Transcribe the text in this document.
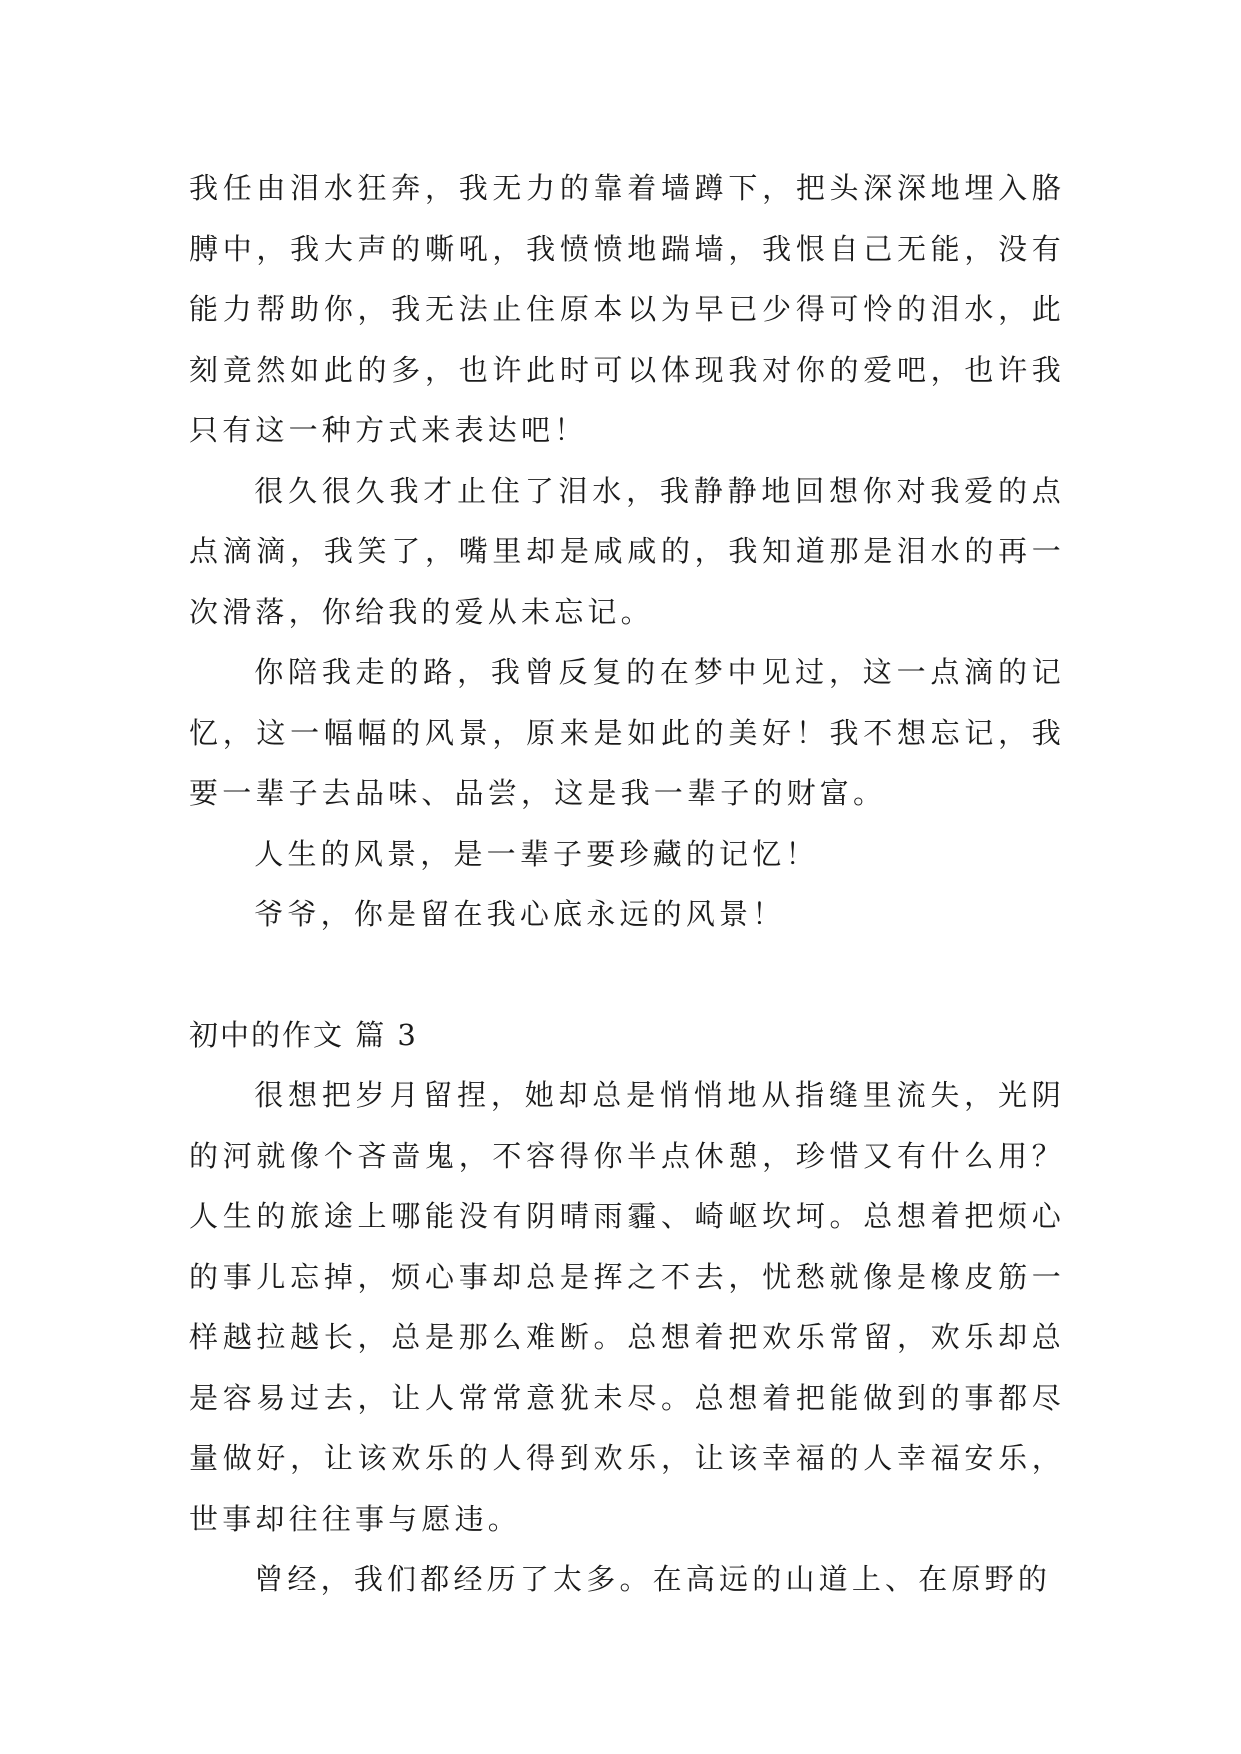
我任由泪水狂奔，我无力的靠着墙蹲下，把头深深地埋入胳膊中，我大声的嘶吼，我愤愤地踹墙，我恨自己无能，没有能力帮助你，我无法止住原本以为早已少得可怜的泪水，此刻竟然如此的多，也许此时可以体现我对你的爱吧，也许我只有这一种方式来表达吧！

很久很久我才止住了泪水，我静静地回想你对我爱的点点滴滴，我笑了，嘴里却是咸咸的，我知道那是泪水的再一次滑落，你给我的爱从未忘记。

你陪我走的路，我曾反复的在梦中见过，这一点滴的记忆，这一幅幅的风景，原来是如此的美好！我不想忘记，我要一辈子去品味、品尝，这是我一辈子的财富。

人生的风景，是一辈子要珍藏的记忆！

爷爷，你是留在我心底永远的风景！

初中的作文 篇 3

很想把岁月留捏，她却总是悄悄地从指缝里流失，光阴的河就像个吝啬鬼，不容得你半点休憩，珍惜又有什么用？人生的旅途上哪能没有阴晴雨霾、崎岖坎坷。总想着把烦心的事儿忘掉，烦心事却总是挥之不去，忧愁就像是橡皮筋一样越拉越长，总是那么难断。总想着把欢乐常留，欢乐却总是容易过去，让人常常意犹未尽。总想着把能做到的事都尽量做好，让该欢乐的人得到欢乐，让该幸福的人幸福安乐，世事却往往事与愿违。

曾经，我们都经历了太多。在高远的山道上、在原野的
